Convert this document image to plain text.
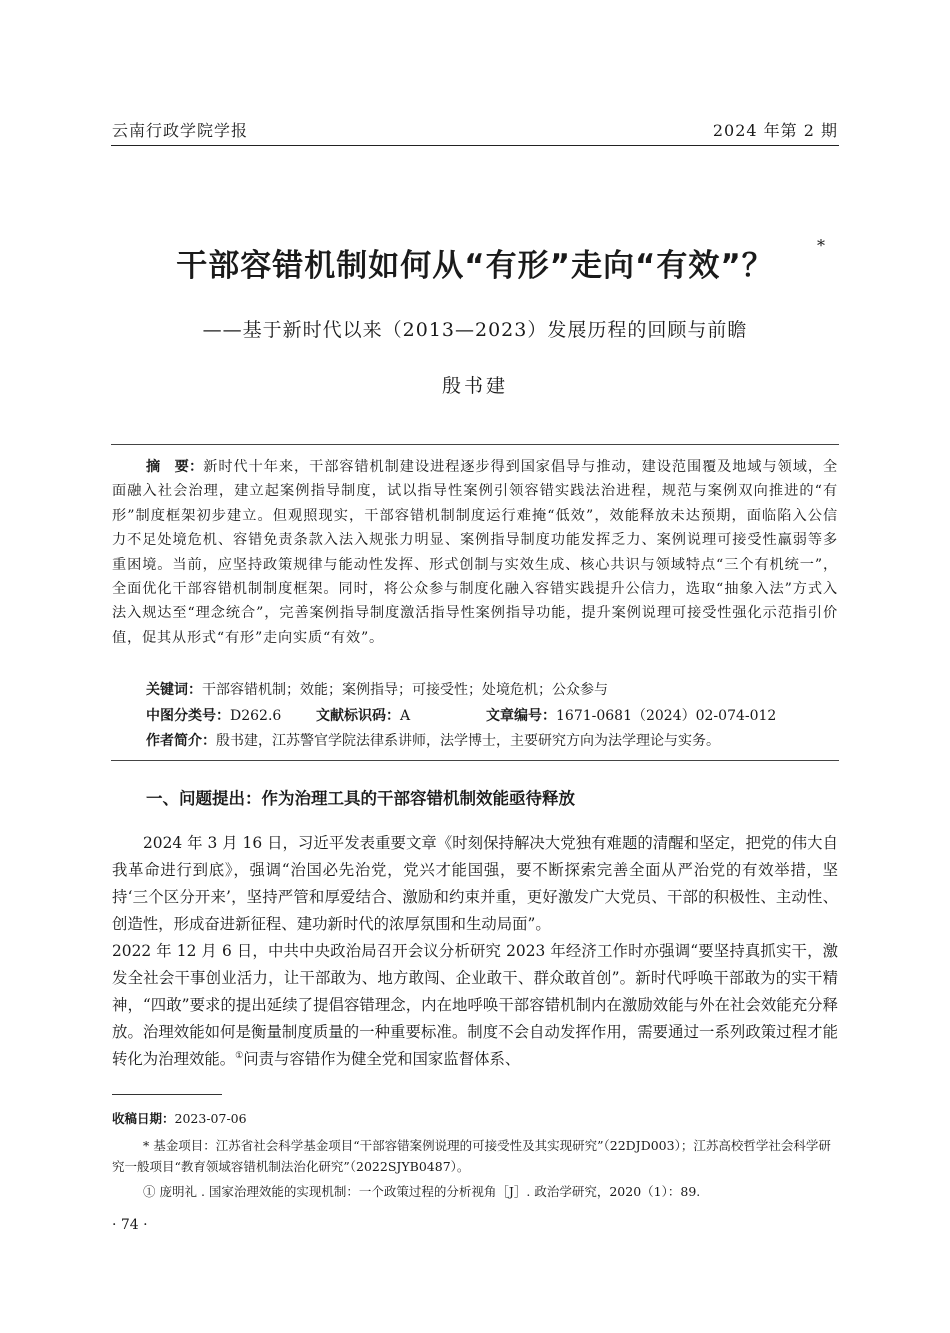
云南行政学院学报	2024 年第 2 期
干部容错机制如何从“有形”走向“有效”？
*
——基于新时代以来（2013—2023）发展历程的回顾与前瞻
殷书建
摘　要：新时代十年来，干部容错机制建设进程逐步得到国家倡导与推动，建设范围覆及地域与领域，全面融入社会治理，建立起案例指导制度，试以指导性案例引领容错实践法治进程，规范与案例双向推进的“有形”制度框架初步建立。但观照现实，干部容错机制制度运行难掩“低效”，效能释放未达预期，面临陷入公信力不足处境危机、容错免责条款入法入规张力明显、案例指导制度功能发挥乏力、案例说理可接受性羸弱等多重困境。当前，应坚持政策规律与能动性发挥、形式创制与实效生成、核心共识与领域特点“三个有机统一”，全面优化干部容错机制制度框架。同时，将公众参与制度化融入容错实践提升公信力，选取“抽象入法”方式入法入规达至“理念统合”，完善案例指导制度激活指导性案例指导功能，提升案例说理可接受性强化示范指引价值，促其从形式“有形”走向实质“有效”。
关键词：干部容错机制；效能；案例指导；可接受性；处境危机；公众参与
中图分类号：D262.6 文献标识码：A	文章编号：1671-0681（2024）02-074-012
作者简介：殷书建，江苏警官学院法律系讲师，法学博士，主要研究方向为法学理论与实务。
一、问题提出：作为治理工具的干部容错机制效能亟待释放

2024 年 3 月 16 日，习近平发表重要文章《时刻保持解决大党独有难题的清醒和坚定，把党的伟大自我革命进行到底》，强调“治国必先治党，党兴才能国强，要不断探索完善全面从严治党的有效举措，坚持‘三个区分开来’，坚持严管和厚爱结合、激励和约束并重，更好激发广大党员、干部的积极性、主动性、创造性，形成奋进新征程、建功新时代的浓厚氛围和生动局面”。

2022 年 12 月 6 日，中共中央政治局召开会议分析研究 2023 年经济工作时亦强调“要坚持真抓实干，激发全社会干事创业活力，让干部敢为、地方敢闯、企业敢干、群众敢首创”。新时代呼唤干部敢为的实干精神，“四敢”要求的提出延续了提倡容错理念，内在地呼唤干部容错机制内在激励效能与外在社会效能充分释放。治理效能如何是衡量制度质量的一种重要标准。制度不会自动发挥作用，需要通过一系列政策过程才能转化为治理效能。①问责与容错作为健全党和国家监督体系、

收稿日期：2023-07-06
* 基金项目：江苏省社会科学基金项目“干部容错案例说理的可接受性及其实现研究”（22DJD003）；江苏高校哲学社会科学研究一般项目“教育领域容错机制法治化研究”（2022SJYB0487）。
① 庞明礼 . 国家治理效能的实现机制：一个政策过程的分析视角［J］. 政治学研究，2020（1）：89.
· 74 ·
